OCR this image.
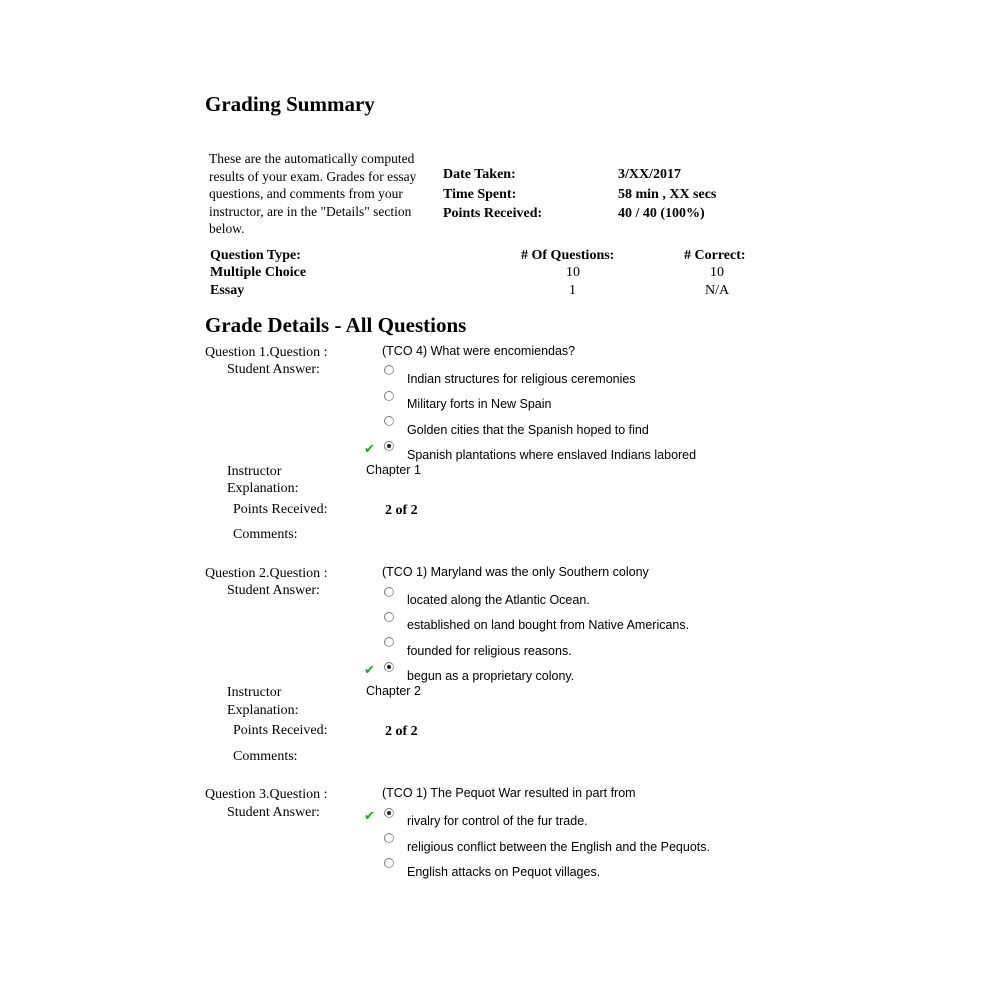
Grading Summary
These are the automatically computed results of your exam. Grades for essay questions, and comments from your instructor, are in the "Details" section below.
Date Taken:	3/XX/2017
Time Spent:	58 min , XX secs
Points Received:	40 / 40 (100%)
Question Type:	# Of Questions:	# Correct:
Multiple Choice	10	10
Essay	1	N/A
Grade Details - All Questions
Question 1.Question :	(TCO 4) What were encomiendas?
Student Answer:
Indian structures for religious ceremonies
Military forts in New Spain
Golden cities that the Spanish hoped to find
✔	Spanish plantations where enslaved Indians labored
Instructor
Explanation:
Chapter 1
Points Received:	2 of 2
Comments:
Question 2.Question :	(TCO 1) Maryland was the only Southern colony
Student Answer:
located along the Atlantic Ocean.
established on land bought from Native Americans.
founded for religious reasons.
✔	begun as a proprietary colony.
Instructor
Explanation:
Chapter 2
Points Received:	2 of 2
Comments:
Question 3.Question :	(TCO 1) The Pequot War resulted in part from
Student Answer:	✔	rivalry for control of the fur trade.
religious conflict between the English and the Pequots.
English attacks on Pequot villages.
